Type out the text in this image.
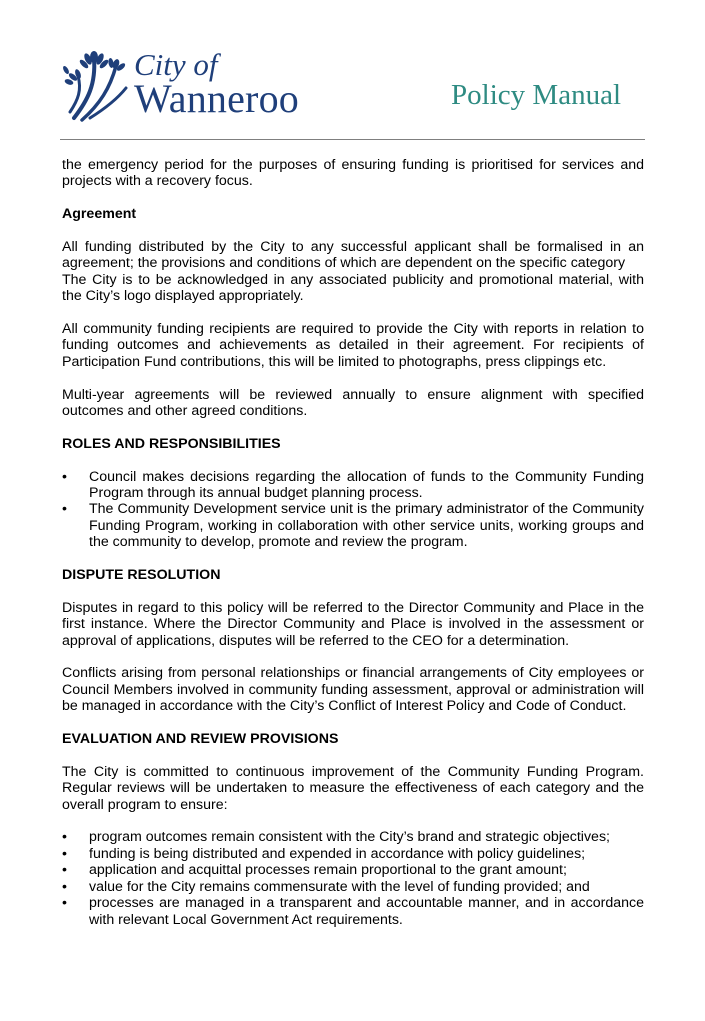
City of
Wanneroo	Policy Manual

the emergency period for the purposes of ensuring funding is prioritised for services and projects with a recovery focus.

Agreement

All funding distributed by the City to any successful applicant shall be formalised in an agreement; the provisions and conditions of which are dependent on the specific category
The City is to be acknowledged in any associated publicity and promotional material, with the City’s logo displayed appropriately.

All community funding recipients are required to provide the City with reports in relation to funding outcomes and achievements as detailed in their agreement. For recipients of Participation Fund contributions, this will be limited to photographs, press clippings etc.

Multi-year agreements will be reviewed annually to ensure alignment with specified outcomes and other agreed conditions.

ROLES AND RESPONSIBILITIES
• Council makes decisions regarding the allocation of funds to the Community Funding Program through its annual budget planning process.
• The Community Development service unit is the primary administrator of the Community Funding Program, working in collaboration with other service units, working groups and the community to develop, promote and review the program.
DISPUTE RESOLUTION

Disputes in regard to this policy will be referred to the Director Community and Place in the first instance. Where the Director Community and Place is involved in the assessment or approval of applications, disputes will be referred to the CEO for a determination.

Conflicts arising from personal relationships or financial arrangements of City employees or Council Members involved in community funding assessment, approval or administration will be managed in accordance with the City’s Conflict of Interest Policy and Code of Conduct.

EVALUATION AND REVIEW PROVISIONS

The City is committed to continuous improvement of the Community Funding Program. Regular reviews will be undertaken to measure the effectiveness of each category and the overall program to ensure:

• program outcomes remain consistent with the City’s brand and strategic objectives;
• funding is being distributed and expended in accordance with policy guidelines;
• application and acquittal processes remain proportional to the grant amount;
• value for the City remains commensurate with the level of funding provided; and
• processes are managed in a transparent and accountable manner, and in accordance with relevant Local Government Act requirements.
